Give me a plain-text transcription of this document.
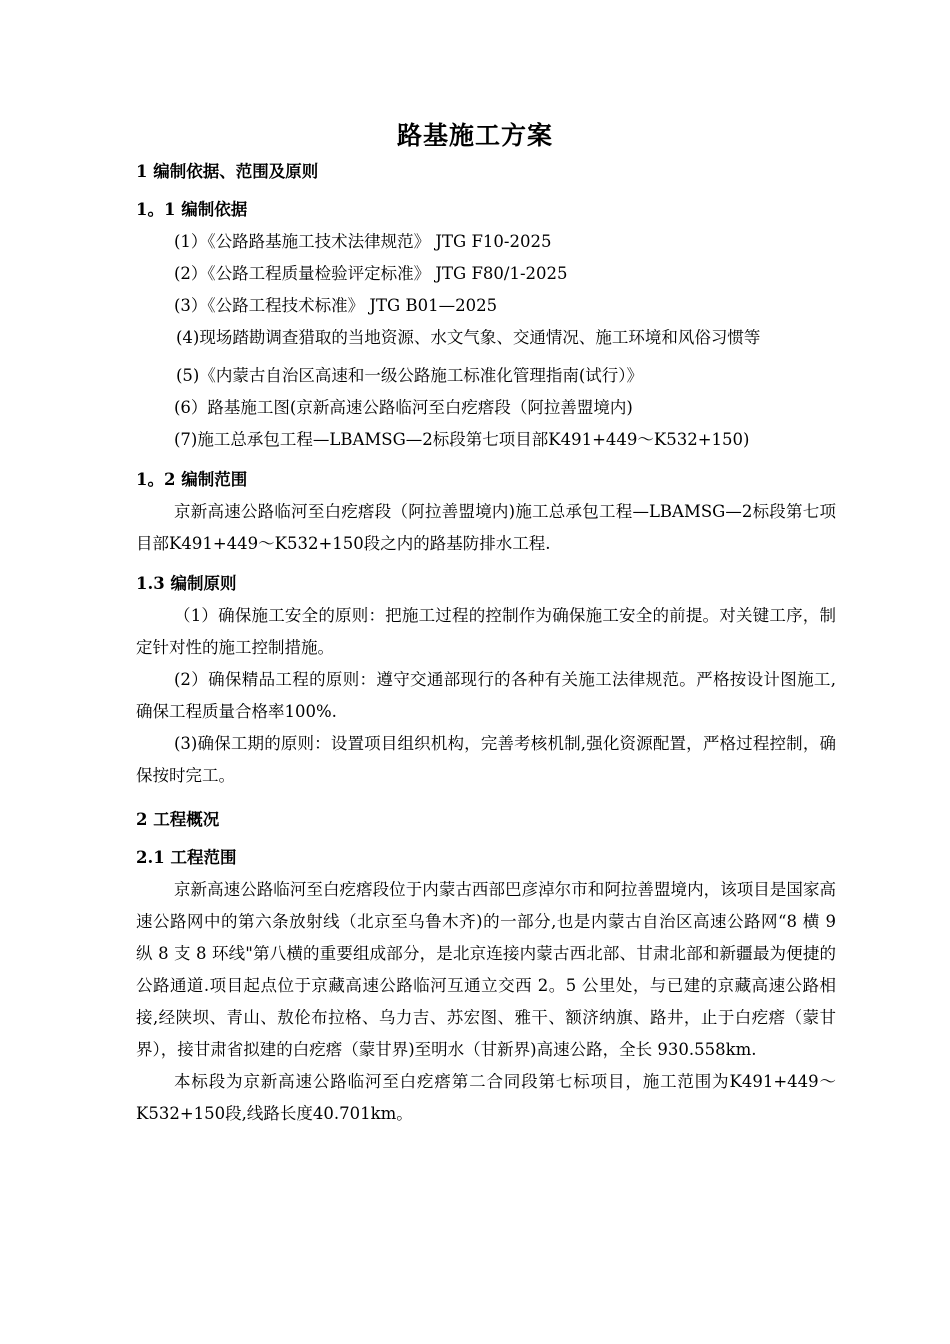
路基施工方案
1 编制依据、范围及原则
1。1 编制依据
(1）《公路路基施工技术法律规范》 JTG F10-2025
(2）《公路工程质量检验评定标准》 JTG F80/1-2025
(3）《公路工程技术标准》 JTG B01—2025
(4)现场踏勘调查猎取的当地资源、水文气象、交通情况、施工环境和风俗习惯等
(5)《内蒙古自治区高速和一级公路施工标准化管理指南(试行）》
(6）路基施工图(京新高速公路临河至白疙瘩段（阿拉善盟境内)
(7)施工总承包工程—LBAMSG—2标段第七项目部K491+449～K532+150)
1。2 编制范围
京新高速公路临河至白疙瘩段（阿拉善盟境内)施工总承包工程—LBAMSG—2标段第七项目部K491+449～K532+150段之内的路基防排水工程.
1.3 编制原则
（1）确保施工安全的原则：把施工过程的控制作为确保施工安全的前提。对关键工序，制定针对性的施工控制措施。
(2）确保精品工程的原则：遵守交通部现行的各种有关施工法律规范。严格按设计图施工,确保工程质量合格率100%.
(3)确保工期的原则：设置项目组织机构，完善考核机制,强化资源配置，严格过程控制，确保按时完工。
2 工程概况
2.1 工程范围
京新高速公路临河至白疙瘩段位于内蒙古西部巴彦淖尔市和阿拉善盟境内，该项目是国家高速公路网中的第六条放射线（北京至乌鲁木齐)的一部分,也是内蒙古自治区高速公路网“8 横 9 纵 8 支 8 环线"第八横的重要组成部分，是北京连接内蒙古西北部、甘肃北部和新疆最为便捷的公路通道.项目起点位于京藏高速公路临河互通立交西 2。5 公里处，与已建的京藏高速公路相接,经陕坝、青山、敖伦布拉格、乌力吉、苏宏图、雅干、额济纳旗、路井，止于白疙瘩（蒙甘界），接甘肃省拟建的白疙瘩（蒙甘界)至明水（甘新界)高速公路，全长 930.558km.
本标段为京新高速公路临河至白疙瘩第二合同段第七标项目，施工范围为K491+449～K532+150段,线路长度40.701km。
